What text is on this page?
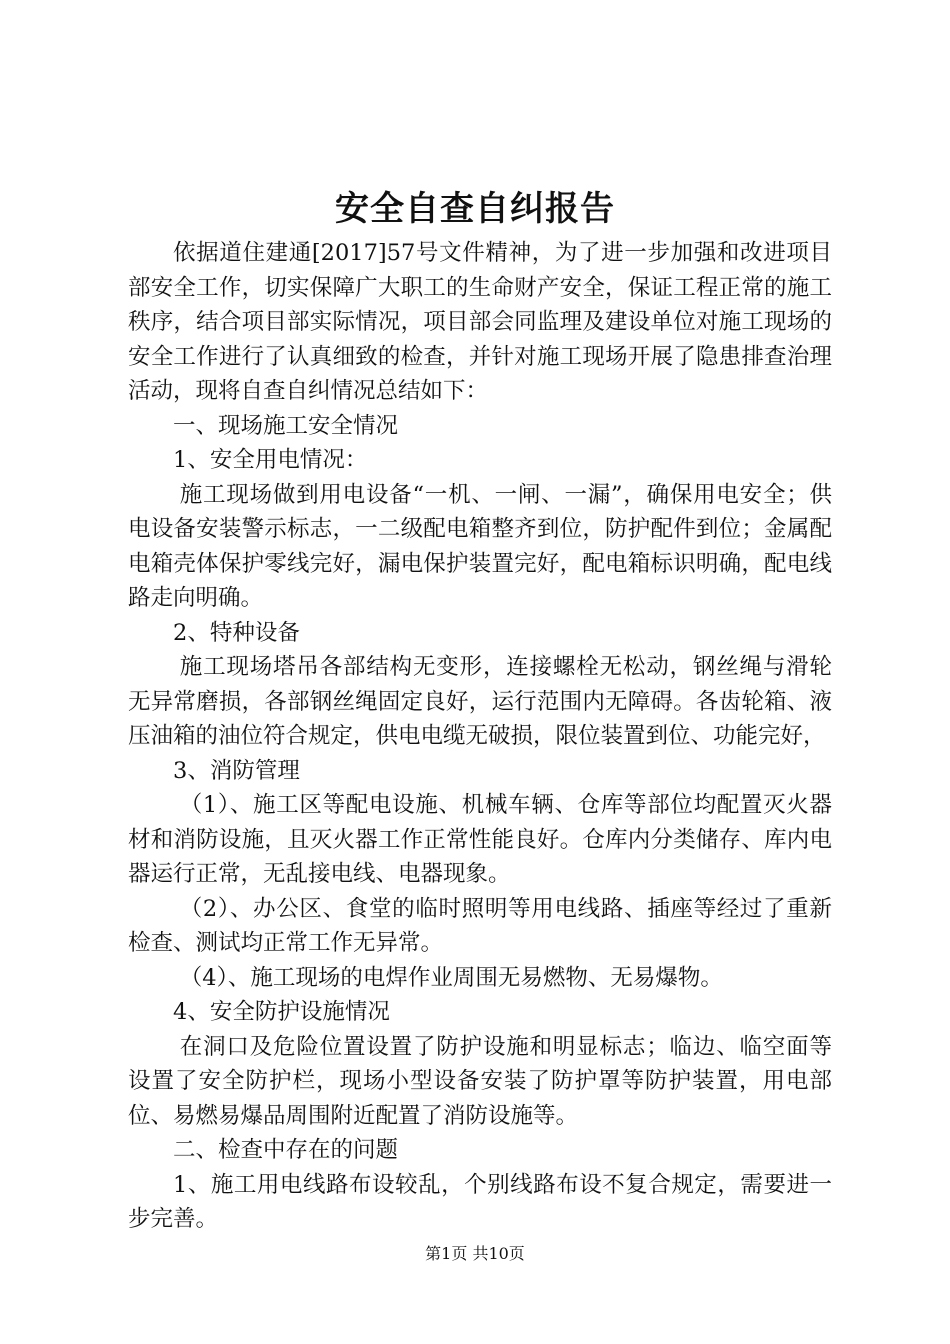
安全自查自纠报告

依据道住建通[2017]57号文件精神，为了进一步加强和改进项目部安全工作，切实保障广大职工的生命财产安全，保证工程正常的施工秩序，结合项目部实际情况，项目部会同监理及建设单位对施工现场的安全工作进行了认真细致的检查，并针对施工现场开展了隐患排查治理活动，现将自查自纠情况总结如下：

一、现场施工安全情况

1、安全用电情况：

施工现场做到用电设备“一机、一闸、一漏”，确保用电安全；供电设备安装警示标志，一二级配电箱整齐到位，防护配件到位；金属配电箱壳体保护零线完好，漏电保护装置完好，配电箱标识明确，配电线路走向明确。

2、特种设备

施工现场塔吊各部结构无变形，连接螺栓无松动，钢丝绳与滑轮无异常磨损，各部钢丝绳固定良好，运行范围内无障碍。各齿轮箱、液压油箱的油位符合规定，供电电缆无破损，限位装置到位、功能完好，

3、消防管理

（1）、施工区等配电设施、机械车辆、仓库等部位均配置灭火器材和消防设施，且灭火器工作正常性能良好。仓库内分类储存、库内电器运行正常，无乱接电线、电器现象。

（2）、办公区、食堂的临时照明等用电线路、插座等经过了重新检查、测试均正常工作无异常。

（4）、施工现场的电焊作业周围无易燃物、无易爆物。

4、安全防护设施情况

在洞口及危险位置设置了防护设施和明显标志；临边、临空面等设置了安全防护栏，现场小型设备安装了防护罩等防护装置，用电部位、易燃易爆品周围附近配置了消防设施等。

二、检查中存在的问题

1、施工用电线路布设较乱，个别线路布设不复合规定，需要进一步完善。

第1页 共10页
